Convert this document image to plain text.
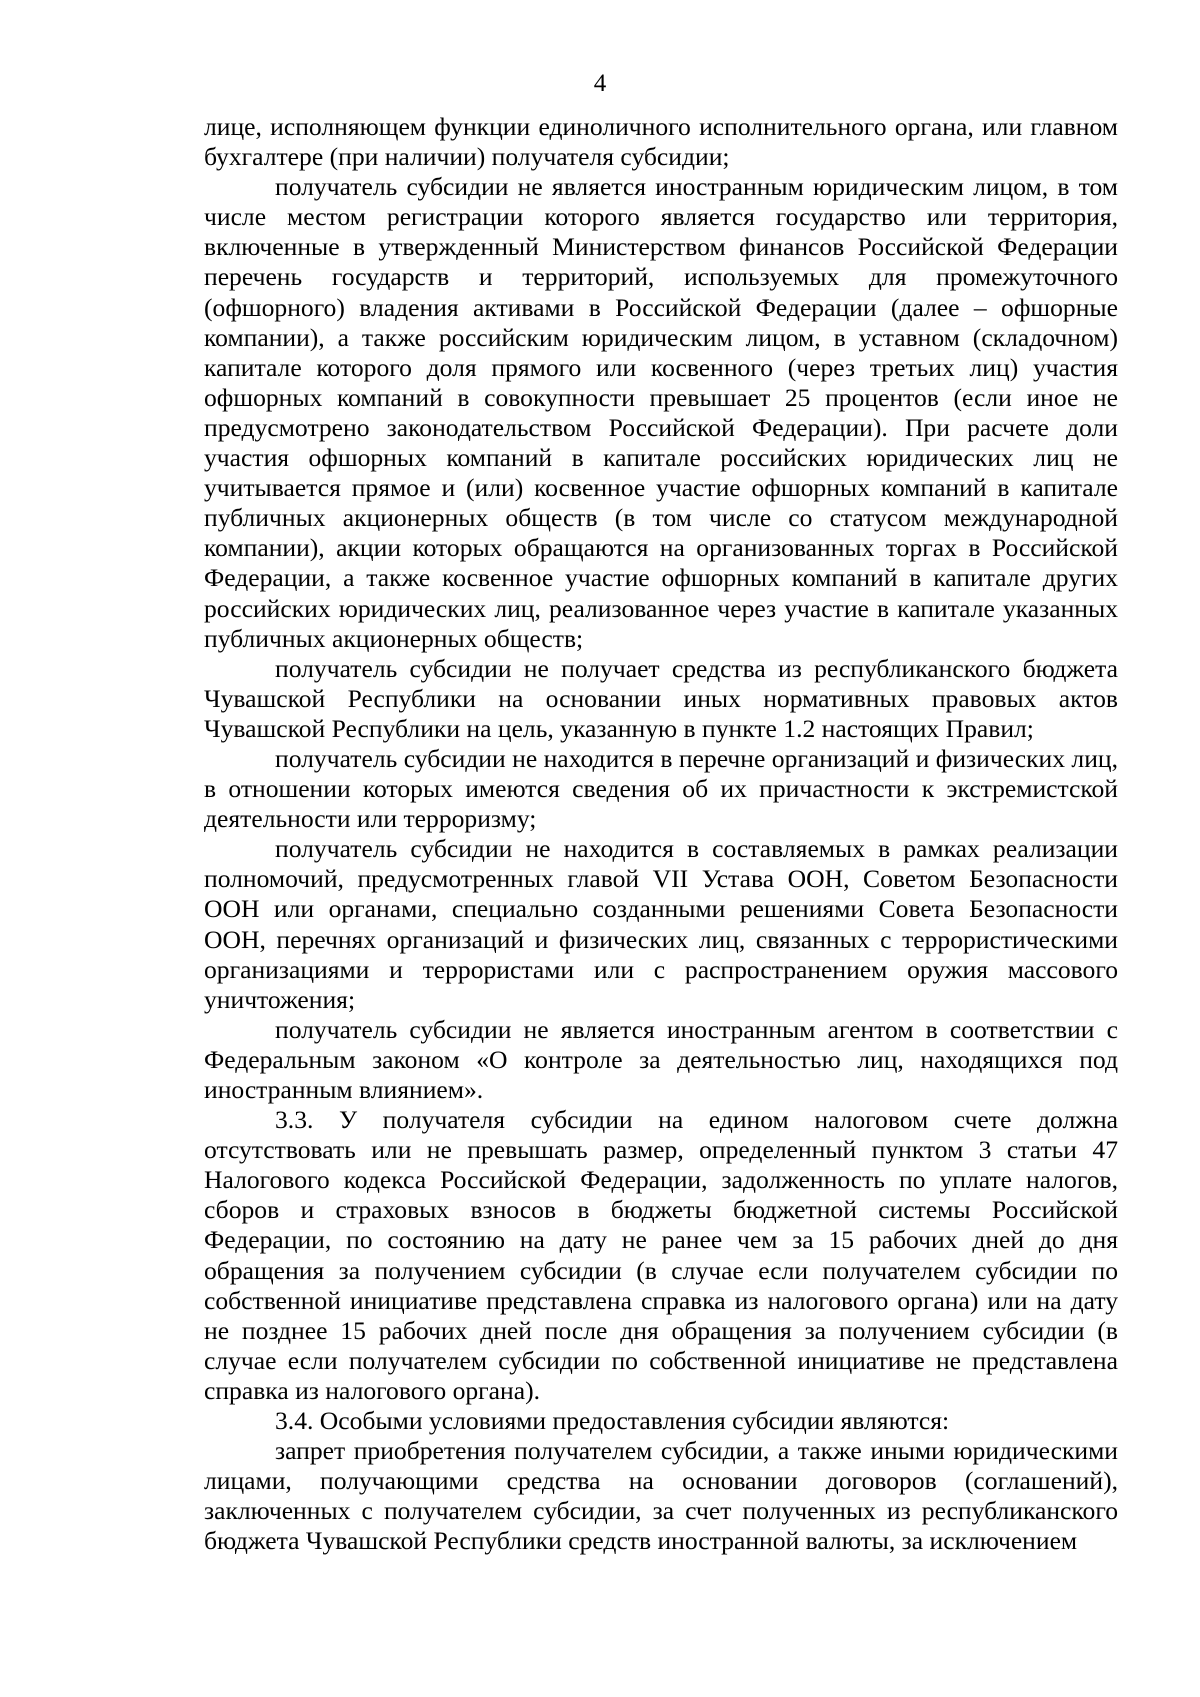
4

лице, исполняющем функции единоличного исполнительного органа, или главном бухгалтере (при наличии) получателя субсидии;

получатель субсидии не является иностранным юридическим лицом, в том числе местом регистрации которого является государство или территория, включенные в утвержденный Министерством финансов Российской Федерации перечень государств и территорий, используемых для промежуточного (офшорного) владения активами в Российской Федерации (далее – офшорные компании), а также российским юридическим лицом, в уставном (складочном) капитале которого доля прямого или косвенного (через третьих лиц) участия офшорных компаний в совокупности превышает 25 процентов (если иное не предусмотрено законодательством Российской Федерации). При расчете доли участия офшорных компаний в капитале российских юридических лиц не учитывается прямое и (или) косвенное участие офшорных компаний в капитале публичных акционерных обществ (в том числе со статусом международной компании), акции которых обращаются на организованных торгах в Российской Федерации, а также косвенное участие офшорных компаний в капитале других российских юридических лиц, реализованное через участие в капитале указанных публичных акционерных обществ;

получатель субсидии не получает средства из республиканского бюджета Чувашской Республики на основании иных нормативных правовых актов Чувашской Республики на цель, указанную в пункте 1.2 настоящих Правил;

получатель субсидии не находится в перечне организаций и физических лиц, в отношении которых имеются сведения об их причастности к экстремистской деятельности или терроризму;

получатель субсидии не находится в составляемых в рамках реализации полномочий, предусмотренных главой VII Устава ООН, Советом Безопасности ООН или органами, специально созданными решениями Совета Безопасности ООН, перечнях организаций и физических лиц, связанных с террористическими организациями и террористами или с распространением оружия массового уничтожения;

получатель субсидии не является иностранным агентом в соответствии с Федеральным законом «О контроле за деятельностью лиц, находящихся под иностранным влиянием».

3.3. У получателя субсидии на едином налоговом счете должна отсутствовать или не превышать размер, определенный пунктом 3 статьи 47 Налогового кодекса Российской Федерации, задолженность по уплате налогов, сборов и страховых взносов в бюджеты бюджетной системы Российской Федерации, по состоянию на дату не ранее чем за 15 рабочих дней до дня обращения за получением субсидии (в случае если получателем субсидии по собственной инициативе представлена справка из налогового органа) или на дату не позднее 15 рабочих дней после дня обращения за получением субсидии (в случае если получателем субсидии по собственной инициативе не представлена справка из налогового органа).

3.4. Особыми условиями предоставления субсидии являются:

запрет приобретения получателем субсидии, а также иными юридическими лицами, получающими средства на основании договоров (соглашений), заключенных с получателем субсидии, за счет полученных из республиканского бюджета Чувашской Республики средств иностранной валюты, за исключением
